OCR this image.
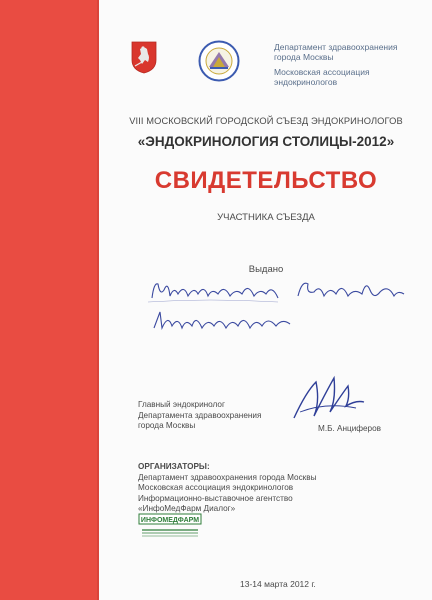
Департамент здравоохранения
города Москвы
Московская ассоциация
эндокринологов
VIII МОСКОВСКИЙ ГОРОДСКОЙ СЪЕЗД ЭНДОКРИНОЛОГОВ
«ЭНДОКРИНОЛОГИЯ СТОЛИЦЫ-2012»
СВИДЕТЕЛЬСТВО
УЧАСТНИКА СЪЕЗДА
Выдано
Главный эндокринолог
Департамента здравоохранения
города Москвы	М.Б. Анциферов
ОРГАНИЗАТОРЫ:
Департамент здравоохранения города Москвы
Московская ассоциация эндокринологов
Информационно-выставочное агентство
«ИнфоМедФарм Диалог»
ИНФОМЕДФАРМ
13-14 марта 2012 г.
